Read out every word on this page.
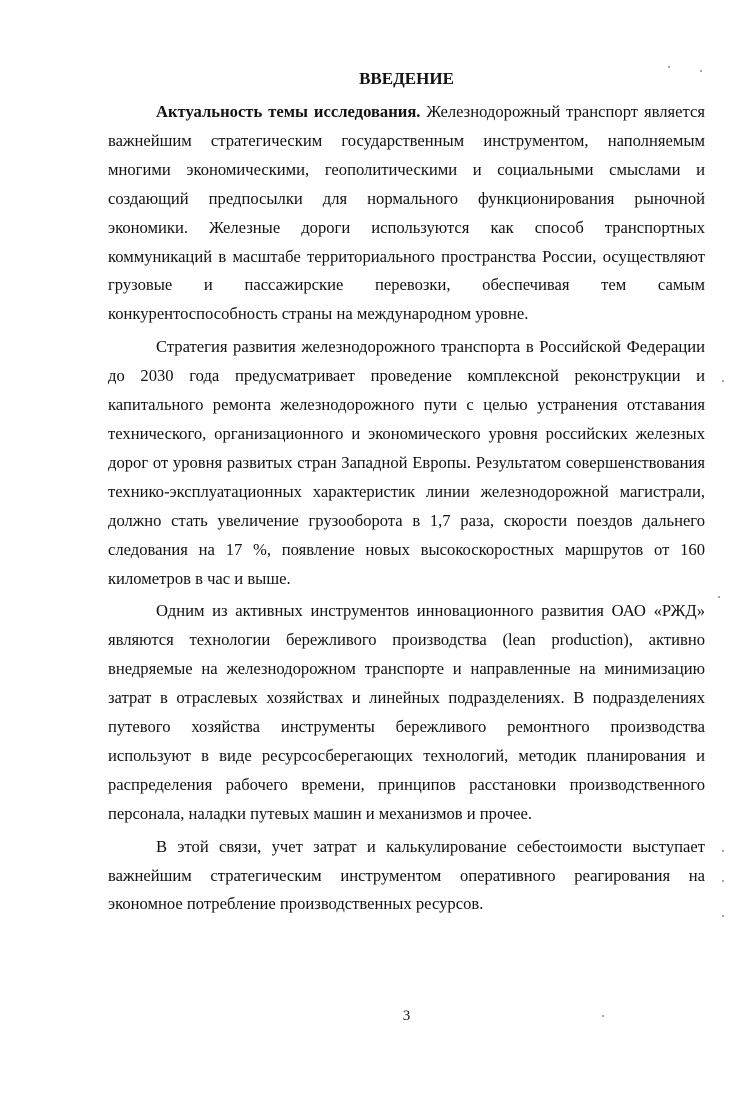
ВВЕДЕНИЕ

Актуальность темы исследования. Железнодорожный транспорт является важнейшим стратегическим государственным инструментом, наполняемым многими экономическими, геополитическими и социальными смыслами и создающий предпосылки для нормального функционирования рыночной экономики. Железные дороги используются как способ транспортных коммуникаций в масштабе территориального пространства России, осуществляют грузовые и пассажирские перевозки, обеспечивая тем самым конкурентоспособность страны на международном уровне.

Стратегия развития железнодорожного транспорта в Российской Федерации до 2030 года предусматривает проведение комплексной реконструкции и капитального ремонта железнодорожного пути с целью устранения отставания технического, организационного и экономического уровня российских железных дорог от уровня развитых стран Западной Европы. Результатом совершенствования технико-эксплуатационных характеристик линии железнодорожной магистрали, должно стать увеличение грузооборота в 1,7 раза, скорости поездов дальнего следования на 17 %, появление новых высокоскоростных маршрутов от 160 километров в час и выше.

Одним из активных инструментов инновационного развития ОАО «РЖД» являются технологии бережливого производства (lean production), активно внедряемые на железнодорожном транспорте и направленные на минимизацию затрат в отраслевых хозяйствах и линейных подразделениях. В подразделениях путевого хозяйства инструменты бережливого ремонтного производства используют в виде ресурсосберегающих технологий, методик планирования и распределения рабочего времени, принципов расстановки производственного персонала, наладки путевых машин и механизмов и прочее.

В этой связи, учет затрат и калькулирование себестоимости выступает важнейшим стратегическим инструментом оперативного реагирования на экономное потребление производственных ресурсов.

3
